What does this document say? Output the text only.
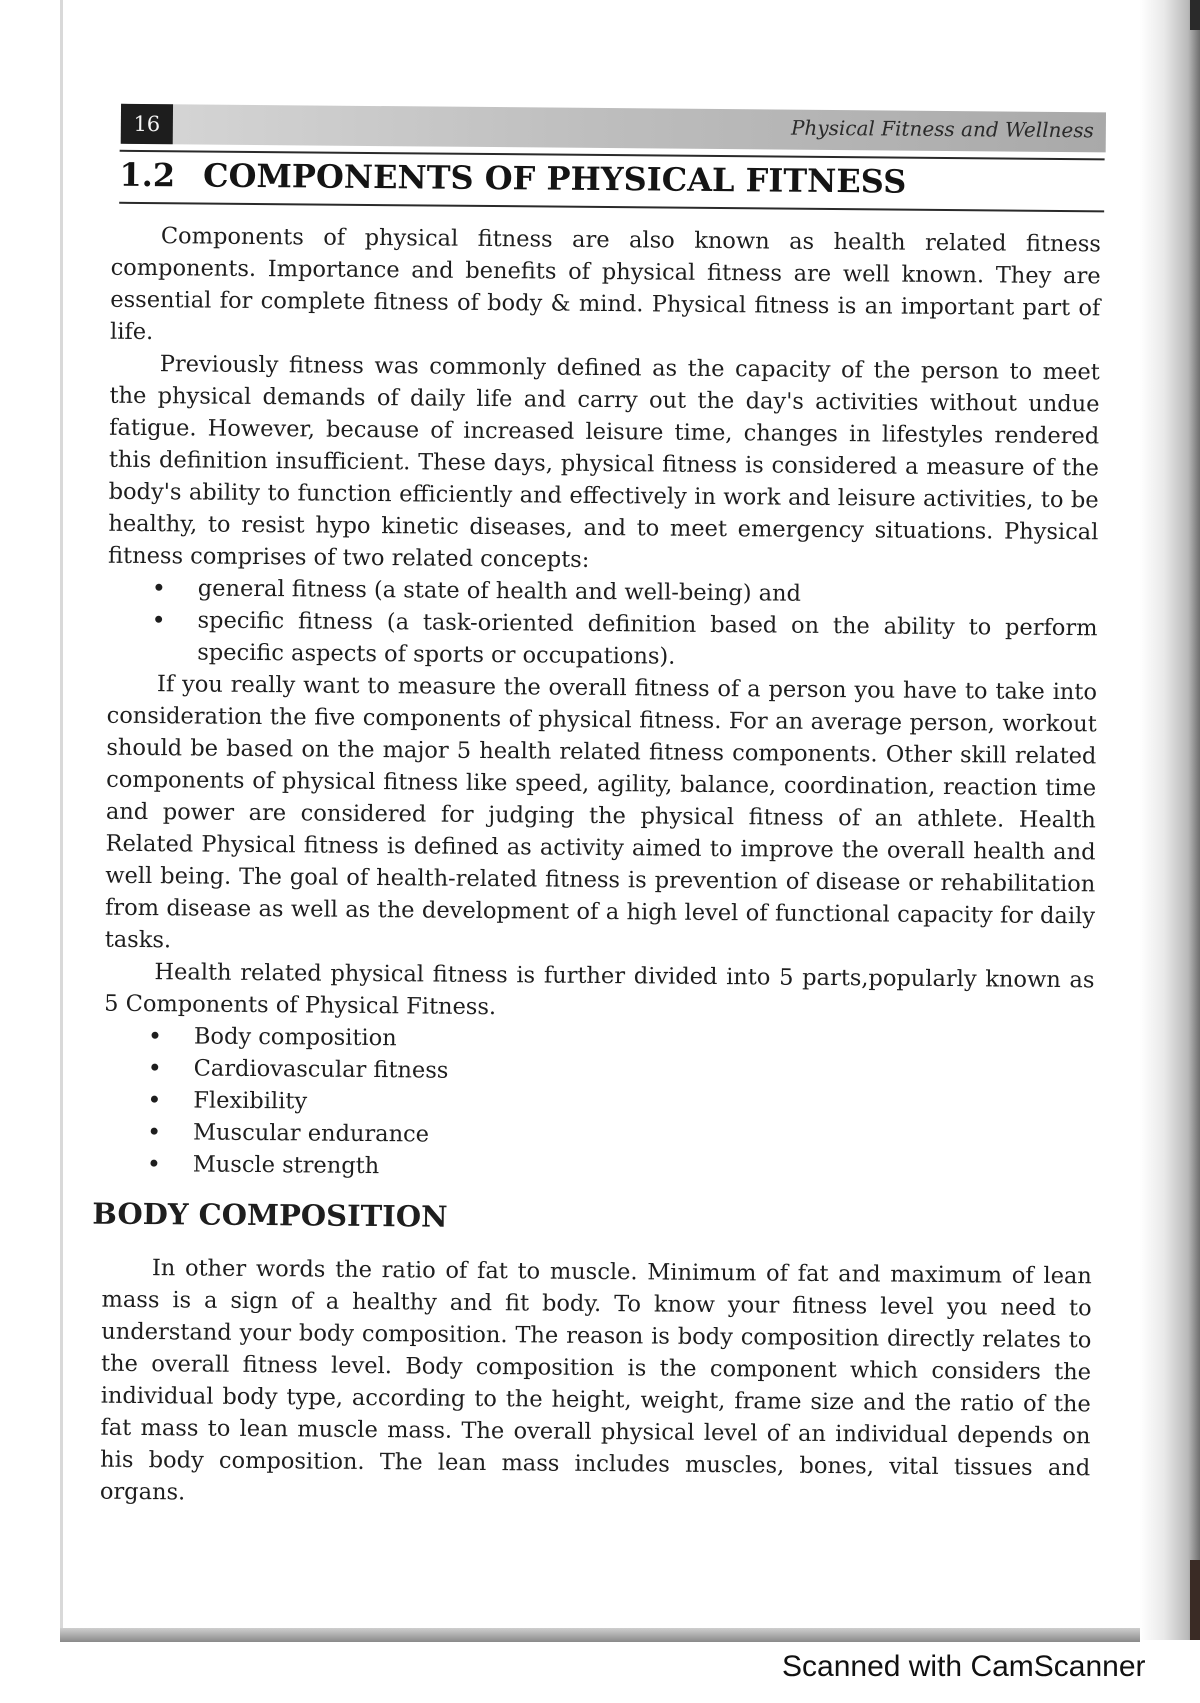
16	Physical Fitness and Wellness
1.2 COMPONENTS OF PHYSICAL FITNESS

Components of physical fitness are also known as health related fitness components. Importance and benefits of physical fitness are well known. They are essential for complete fitness of body & mind. Physical fitness is an important part of life.

Previously fitness was commonly defined as the capacity of the person to meet the physical demands of daily life and carry out the day's activities without undue fatigue. However, because of increased leisure time, changes in lifestyles rendered this definition insufficient. These days, physical fitness is considered a measure of the body's ability to function efficiently and effectively in work and leisure activities, to be healthy, to resist hypo kinetic diseases, and to meet emergency situations. Physical fitness comprises of two related concepts:

• general fitness (a state of health and well-being) and
• specific fitness (a task-oriented definition based on the ability to perform specific aspects of sports or occupations).

If you really want to measure the overall fitness of a person you have to take into consideration the five components of physical fitness. For an average person, workout should be based on the major 5 health related fitness components. Other skill related components of physical fitness like speed, agility, balance, coordination, reaction time and power are considered for judging the physical fitness of an athlete. Health Related Physical fitness is defined as activity aimed to improve the overall health and well being. The goal of health-related fitness is prevention of disease or rehabilitation from disease as well as the development of a high level of functional capacity for daily tasks.

Health related physical fitness is further divided into 5 parts,popularly known as 5 Components of Physical Fitness.

• Body composition
• Cardiovascular fitness
• Flexibility
• Muscular endurance
• Muscle strength
BODY COMPOSITION

In other words the ratio of fat to muscle. Minimum of fat and maximum of lean mass is a sign of a healthy and fit body. To know your fitness level you need to understand your body composition. The reason is body composition directly relates to the overall fitness level. Body composition is the component which considers the individual body type, according to the height, weight, frame size and the ratio of the fat mass to lean muscle mass. The overall physical level of an individual depends on his body composition. The lean mass includes muscles, bones, vital tissues and organs.

Scanned with CamScanner
